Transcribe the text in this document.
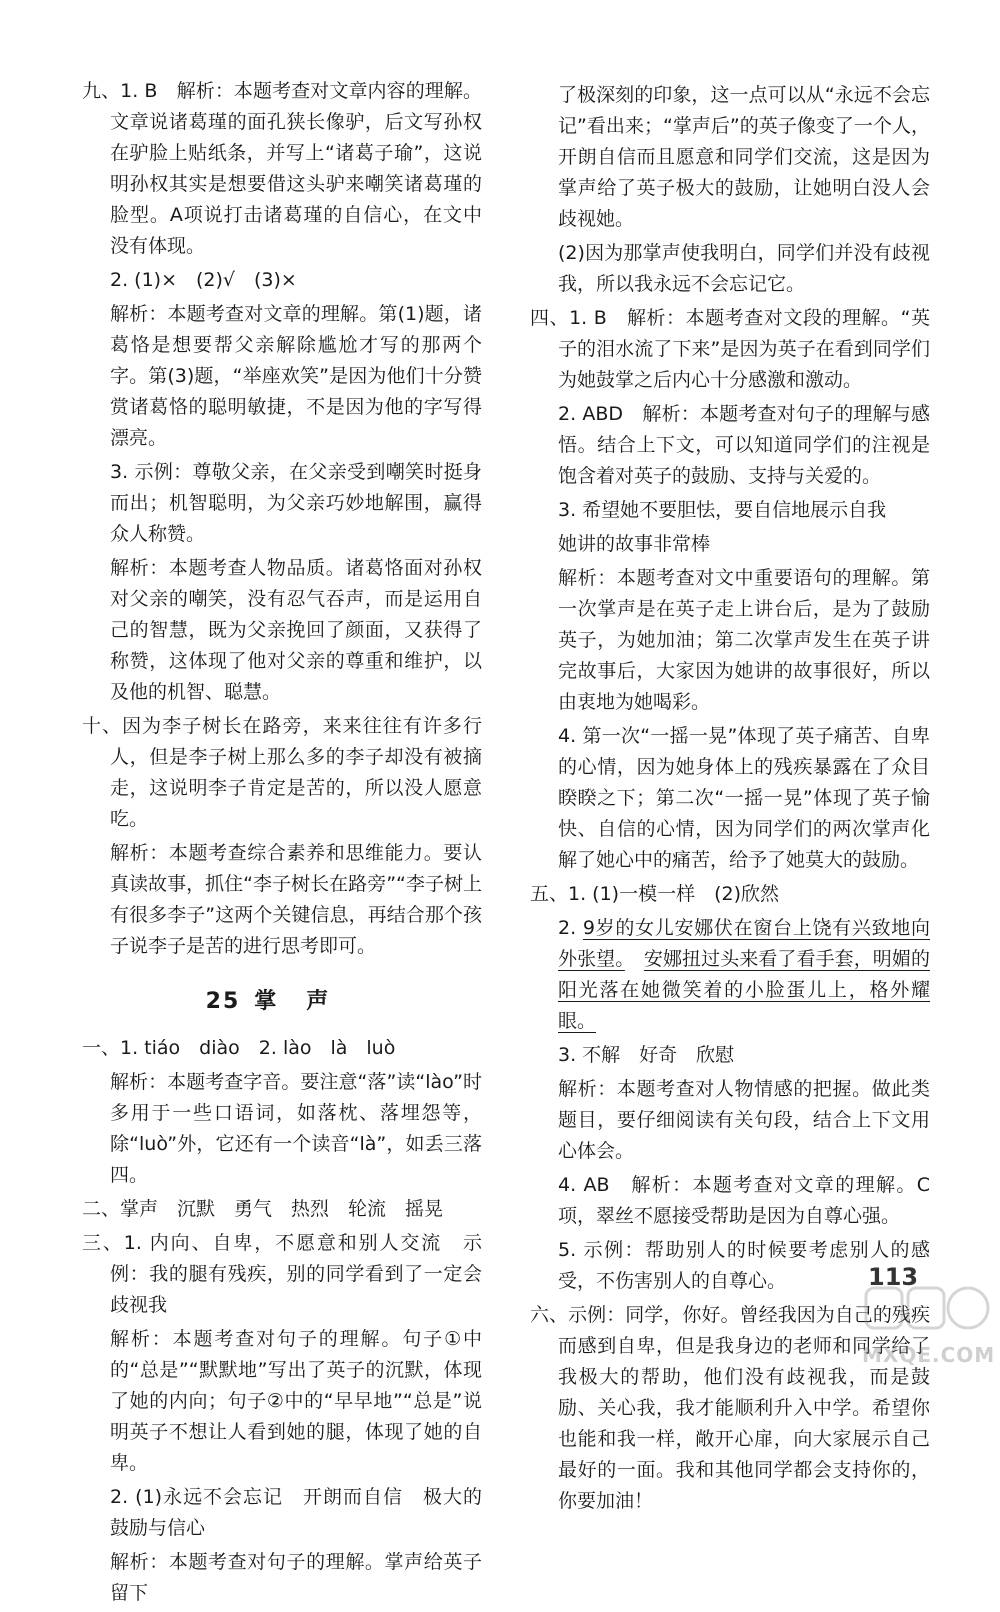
九、1. B　解析：本题考查对文章内容的理解。文章说诸葛瑾的面孔狭长像驴，后文写孙权在驴脸上贴纸条，并写上“诸葛子瑜”，这说明孙权其实是想要借这头驴来嘲笑诸葛瑾的脸型。A项说打击诸葛瑾的自信心，在文中没有体现。

2. (1)×　(2)√　(3)×

解析：本题考查对文章的理解。第(1)题，诸葛恪是想要帮父亲解除尴尬才写的那两个字。第(3)题，“举座欢笑”是因为他们十分赞赏诸葛恪的聪明敏捷，不是因为他的字写得漂亮。

3. 示例：尊敬父亲，在父亲受到嘲笑时挺身而出；机智聪明，为父亲巧妙地解围，赢得众人称赞。

解析：本题考查人物品质。诸葛恪面对孙权对父亲的嘲笑，没有忍气吞声，而是运用自己的智慧，既为父亲挽回了颜面，又获得了称赞，这体现了他对父亲的尊重和维护，以及他的机智、聪慧。

十、因为李子树长在路旁，来来往往有许多行人，但是李子树上那么多的李子却没有被摘走，这说明李子肯定是苦的，所以没人愿意吃。

解析：本题考查综合素养和思维能力。要认真读故事，抓住“李子树长在路旁”“李子树上有很多李子”这两个关键信息，再结合那个孩子说李子是苦的进行思考即可。

25 掌声

一、1. tiáo　diào　2. lào　là　luò

解析：本题考查字音。要注意“落”读“lào”时多用于一些口语词，如落枕、落埋怨等，除“luò”外，它还有一个读音“là”，如丢三落四。

二、掌声　沉默　勇气　热烈　轮流　摇晃

三、1. 内向、自卑，不愿意和别人交流　示例：我的腿有残疾，别的同学看到了一定会歧视我

解析：本题考查对句子的理解。句子①中的“总是”“默默地”写出了英子的沉默，体现了她的内向；句子②中的“早早地”“总是”说明英子不想让人看到她的腿，体现了她的自卑。

2. (1)永远不会忘记　开朗而自信　极大的鼓励与信心

解析：本题考查对句子的理解。掌声给英子留下

了极深刻的印象，这一点可以从“永远不会忘记”看出来；“掌声后”的英子像变了一个人，开朗自信而且愿意和同学们交流，这是因为掌声给了英子极大的鼓励，让她明白没人会歧视她。

(2)因为那掌声使我明白，同学们并没有歧视我，所以我永远不会忘记它。

四、1. B　解析：本题考查对文段的理解。“英子的泪水流了下来”是因为英子在看到同学们为她鼓掌之后内心十分感激和激动。

2. ABD　解析：本题考查对句子的理解与感悟。结合上下文，可以知道同学们的注视是饱含着对英子的鼓励、支持与关爱的。

3. 希望她不要胆怯，要自信地展示自我

她讲的故事非常棒

解析：本题考查对文中重要语句的理解。第一次掌声是在英子走上讲台后，是为了鼓励英子，为她加油；第二次掌声发生在英子讲完故事后，大家因为她讲的故事很好，所以由衷地为她喝彩。

4. 第一次“一摇一晃”体现了英子痛苦、自卑的心情，因为她身体上的残疾暴露在了众目睽睽之下；第二次“一摇一晃”体现了英子愉快、自信的心情，因为同学们的两次掌声化解了她心中的痛苦，给予了她莫大的鼓励。

五、1. (1)一模一样　(2)欣然

2. 9岁的女儿安娜伏在窗台上饶有兴致地向外张望。　 安娜扭过头来看了看手套，明媚的阳光落在她微笑着的小脸蛋儿上，格外耀眼。

3. 不解　好奇　欣慰

解析：本题考查对人物情感的把握。做此类题目，要仔细阅读有关句段，结合上下文用心体会。

4. AB　解析：本题考查对文章的理解。C项，翠丝不愿接受帮助是因为自尊心强。

5. 示例：帮助别人的时候要考虑别人的感受，不伤害别人的自尊心。

六、示例：同学，你好。曾经我因为自己的残疾而感到自卑，但是我身边的老师和同学给了我极大的帮助，他们没有歧视我，而是鼓励、关心我，我才能顺利升入中学。希望你也能和我一样，敞开心扉，向大家展示自己最好的一面。我和其他同学都会支持你的，你要加油！

113
MXQE.COM
